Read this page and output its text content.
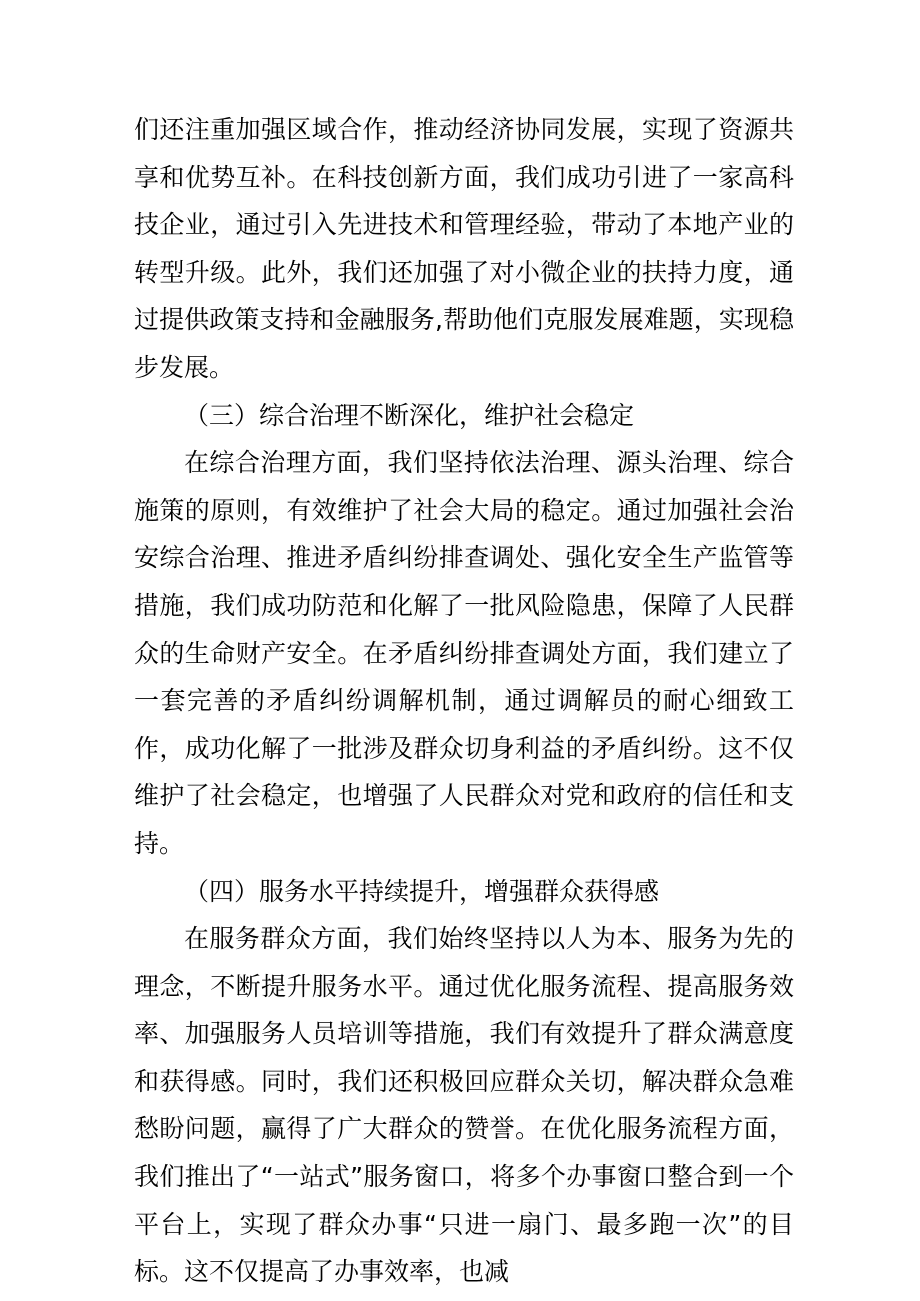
们还注重加强区域合作，推动经济协同发展，实现了资源共享和优势互补。在科技创新方面，我们成功引进了一家高科技企业，通过引入先进技术和管理经验，带动了本地产业的转型升级。此外，我们还加强了对小微企业的扶持力度，通过提供政策支持和金融服务,帮助他们克服发展难题，实现稳步发展。

（三）综合治理不断深化，维护社会稳定

在综合治理方面，我们坚持依法治理、源头治理、综合施策的原则，有效维护了社会大局的稳定。通过加强社会治安综合治理、推进矛盾纠纷排查调处、强化安全生产监管等措施，我们成功防范和化解了一批风险隐患，保障了人民群众的生命财产安全。在矛盾纠纷排查调处方面，我们建立了一套完善的矛盾纠纷调解机制，通过调解员的耐心细致工作，成功化解了一批涉及群众切身利益的矛盾纠纷。这不仅维护了社会稳定，也增强了人民群众对党和政府的信任和支持。

（四）服务水平持续提升，增强群众获得感

在服务群众方面，我们始终坚持以人为本、服务为先的理念，不断提升服务水平。通过优化服务流程、提高服务效率、加强服务人员培训等措施，我们有效提升了群众满意度和获得感。同时，我们还积极回应群众关切，解决群众急难愁盼问题，赢得了广大群众的赞誉。在优化服务流程方面，我们推出了“一站式”服务窗口，将多个办事窗口整合到一个平台上，实现了群众办事“只进一扇门、最多跑一次”的目标。这不仅提高了办事效率，也减
